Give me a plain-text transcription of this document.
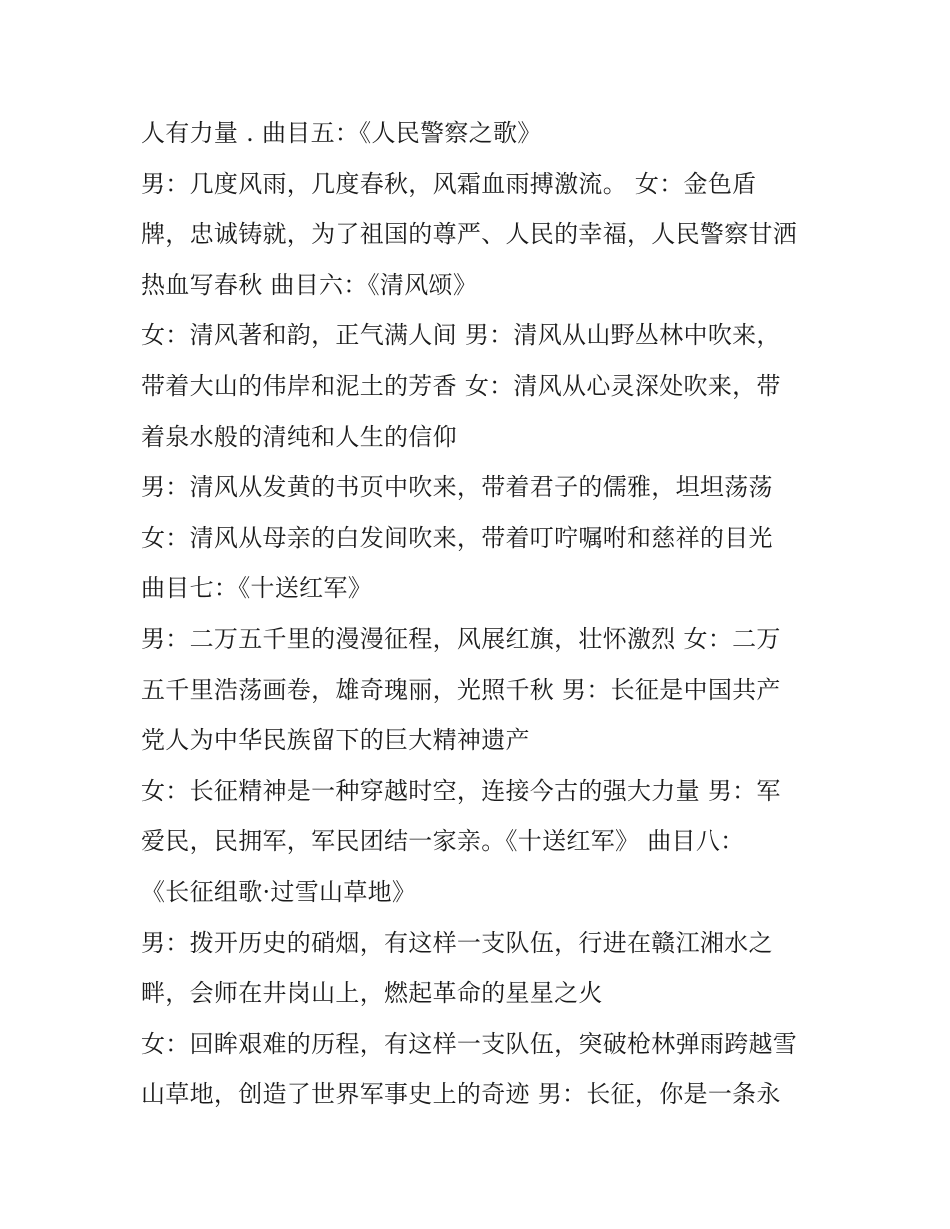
人有力量 . 曲目五：《人民警察之歌》
男：几度风雨，几度春秋，风霜血雨搏激流。 女：金色盾
牌，忠诚铸就，为了祖国的尊严、人民的幸福，人民警察甘洒
热血写春秋 曲目六：《清风颂》
女：清风著和韵，正气满人间 男：清风从山野丛林中吹来，
带着大山的伟岸和泥土的芳香 女：清风从心灵深处吹来，带
着泉水般的清纯和人生的信仰
男：清风从发黄的书页中吹来，带着君子的儒雅，坦坦荡荡
女：清风从母亲的白发间吹来，带着叮咛嘱咐和慈祥的目光
曲目七：《十送红军》
男：二万五千里的漫漫征程，风展红旗，壮怀激烈 女：二万
五千里浩荡画卷，雄奇瑰丽，光照千秋 男：长征是中国共产
党人为中华民族留下的巨大精神遗产
女：长征精神是一种穿越时空，连接今古的强大力量 男：军
爱民，民拥军，军民团结一家亲。《十送红军》 曲目八：
《长征组歌·过雪山草地》
男：拨开历史的硝烟，有这样一支队伍，行进在赣江湘水之
畔，会师在井岗山上，燃起革命的星星之火
女：回眸艰难的历程，有这样一支队伍，突破枪林弹雨跨越雪
山草地，创造了世界军事史上的奇迹 男：长征，你是一条永
